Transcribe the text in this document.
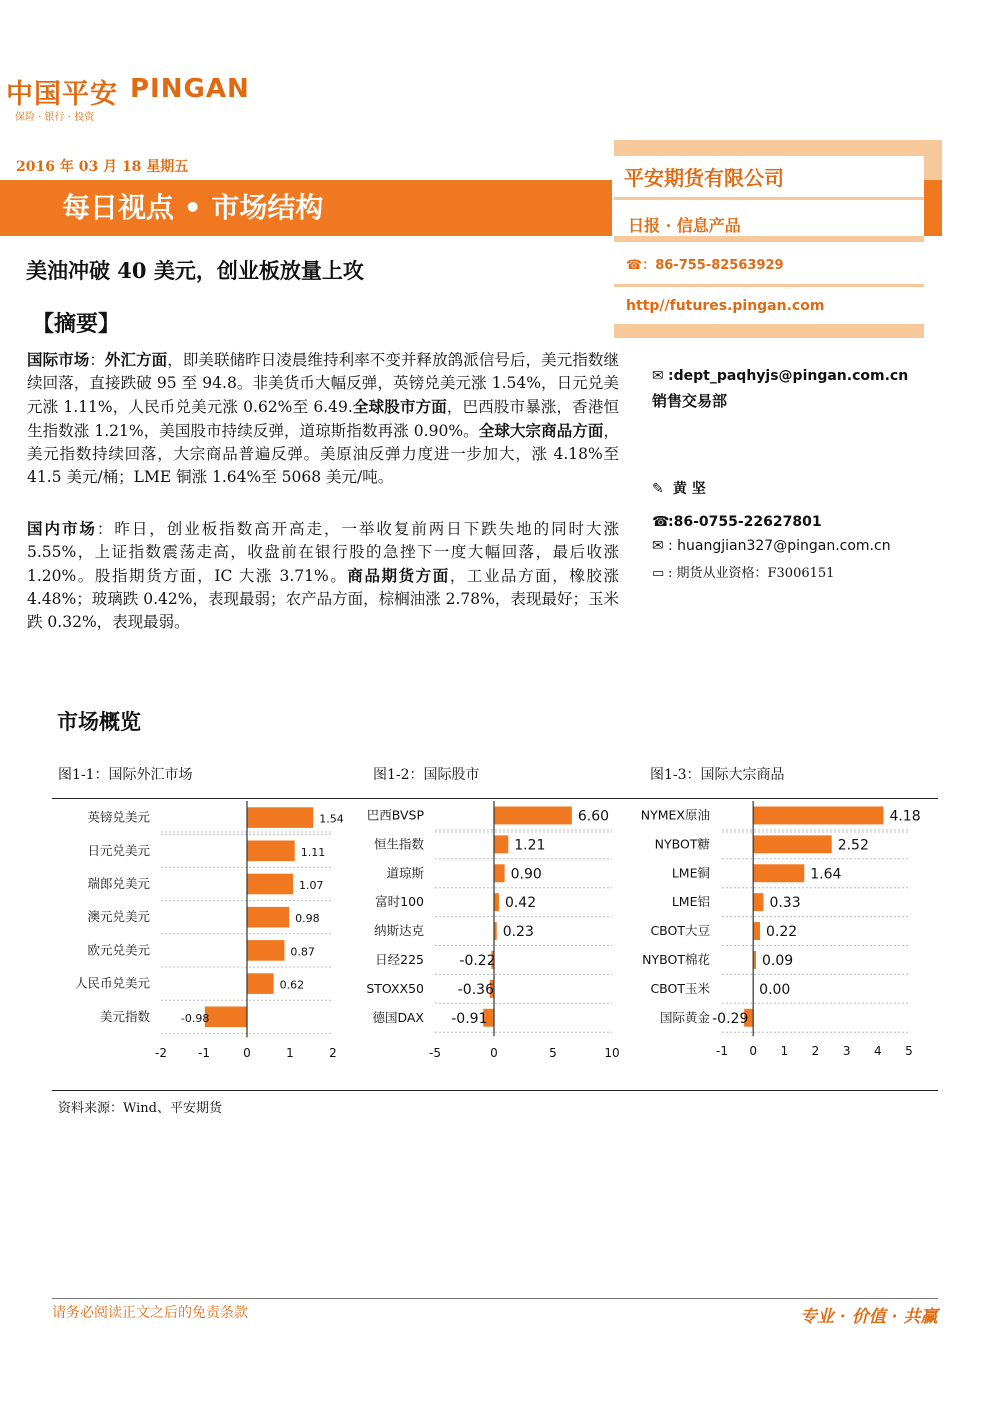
中国平安 PINGAN
保险 · 银行 · 投资
2016 年 03 月 18 星期五
每日视点 • 市场结构
平安期货有限公司
日报 · 信息产品
☎：86-755-82563929
http//futures.pingan.com
美油冲破 40 美元，创业板放量上攻
【摘要】
国际市场：外汇方面，即美联储昨日凌晨维持利率不变并释放鸽派信号后，美元指数继续回落，直接跌破 95 至 94.8。非美货币大幅反弹，英镑兑美元涨 1.54%，日元兑美元涨 1.11%，人民币兑美元涨 0.62%至 6.49.全球股市方面，巴西股市暴涨，香港恒生指数涨 1.21%，美国股市持续反弹，道琼斯指数再涨 0.90%。全球大宗商品方面，美元指数持续回落，大宗商品普遍反弹。美原油反弹力度进一步加大，涨 4.18%至 41.5 美元/桶；LME 铜涨 1.64%至 5068 美元/吨。
国内市场：昨日，创业板指数高开高走，一举收复前两日下跌失地的同时大涨 5.55%，上证指数震荡走高，收盘前在银行股的急挫下一度大幅回落，最后收涨 1.20%。股指期货方面，IC 大涨 3.71%。商品期货方面，工业品方面，橡胶涨 4.48%；玻璃跌 0.42%，表现最弱；农产品方面，棕榈油涨 2.78%，表现最好；玉米跌 0.32%，表现最弱。
✉ :dept_paqhyjs@pingan.com.cn
销售交易部
✎ 黄 坚
☎:86-0755-22627801
✉ : huangjian327@pingan.com.cn
▭ : 期货从业资格：F3006151
市场概览
图1-1：国际外汇市场	图1-2：国际股市	图1-3：国际大宗商品
英镑兑美元	1.54
日元兑美元	1.11
瑞郎兑美元	1.07
澳元兑美元	0.98
欧元兑美元	0.87
人民币兑美元	0.62
美元指数	-0.98
-2	-1	0	1	2
巴西BVSP	6.60
恒生指数	1.21
道琼斯	0.90
富时100	0.42
纳斯达克	0.23
日经225	-0.22
STOXX50 -0.36
德国DAX -0.91
-5	0	5	10
NYMEX原油	4.18
NYBOT糖	2.52
LME铜	1.64
LME铝	0.33
CBOT大豆	0.22
NYBOT棉花	0.09
CBOT玉米	0.00
国际黄金 -0.29
-1 0 1 2 3 4 5
资料来源：Wind、平安期货
请务必阅读正文之后的免责条款	专业 · 价值 · 共赢
